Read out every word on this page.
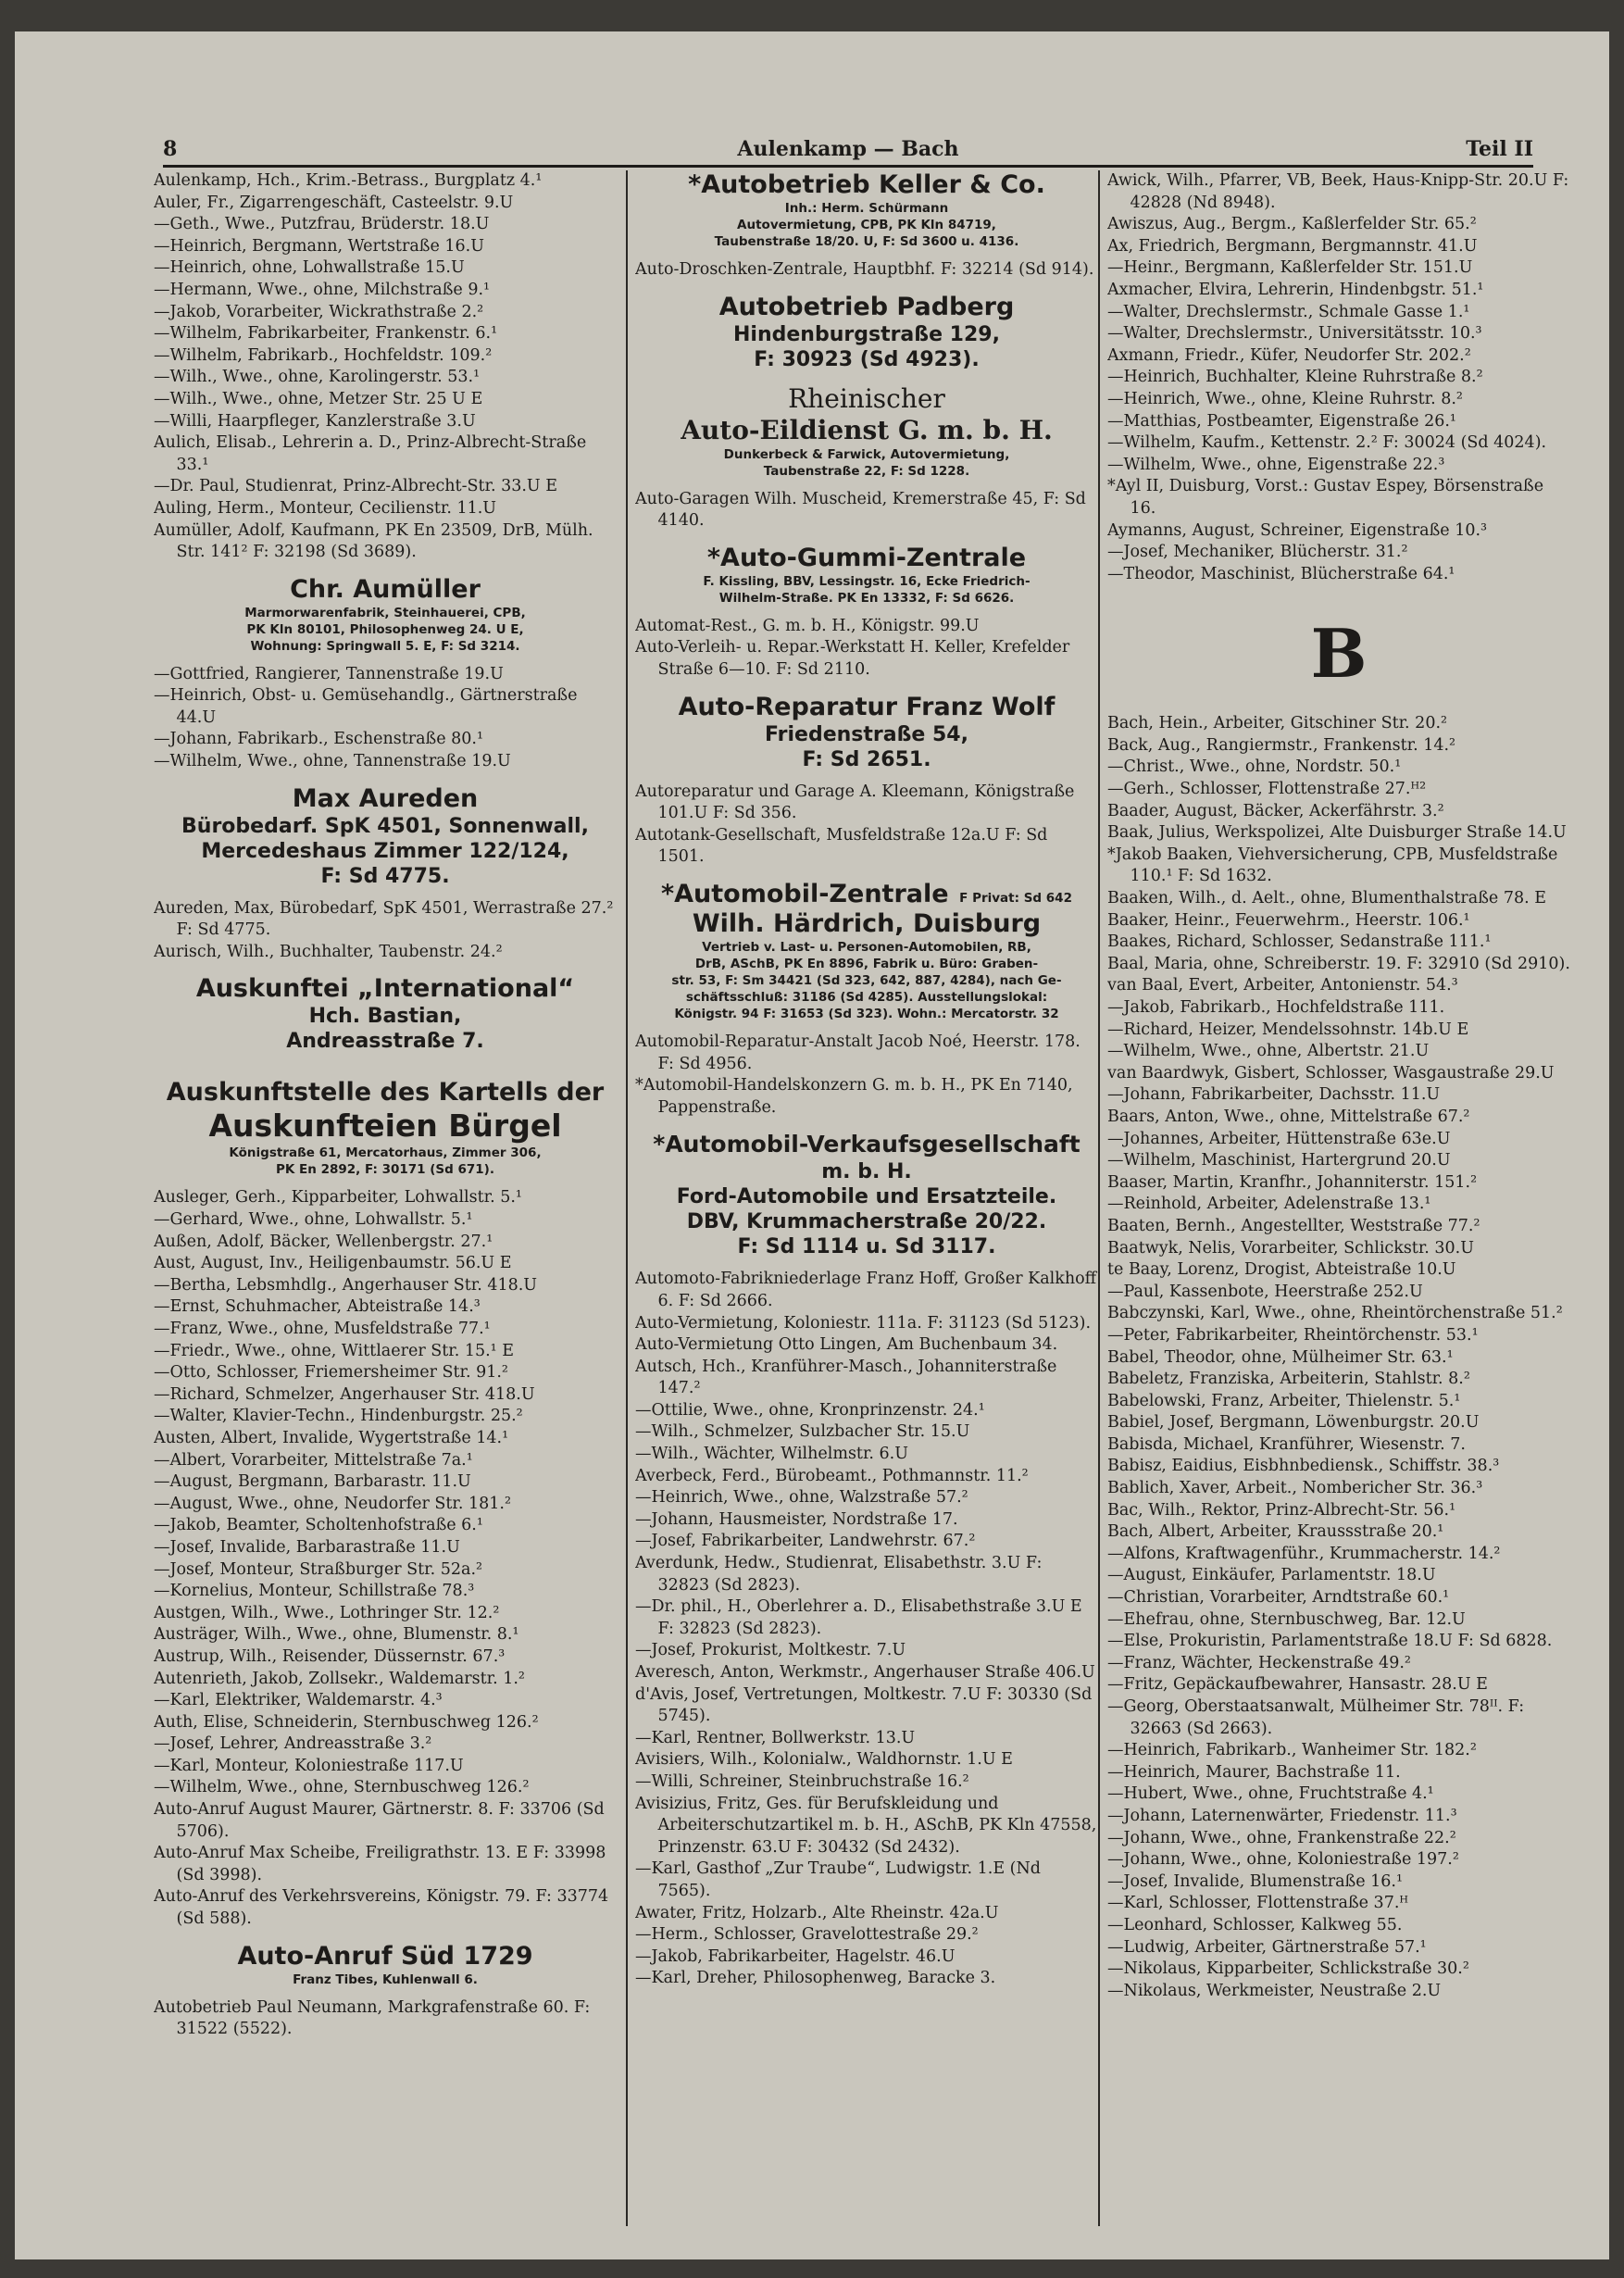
8	Aulenkamp — Bach	Teil II
Aulenkamp, Hch., Krim.-Betrass., Burgplatz 4.¹
Auler, Fr., Zigarrengeschäft, Casteelstr. 9.U
—Geth., Wwe., Putzfrau, Brüderstr. 18.U
—Heinrich, Bergmann, Wertstraße 16.U
—Heinrich, ohne, Lohwallstraße 15.U
—Hermann, Wwe., ohne, Milchstraße 9.¹
—Jakob, Vorarbeiter, Wickrathstraße 2.²
—Wilhelm, Fabrikarbeiter, Frankenstr. 6.¹
—Wilhelm, Fabrikarb., Hochfeldstr. 109.²
—Wilh., Wwe., ohne, Karolingerstr. 53.¹
—Wilh., Wwe., ohne, Metzer Str. 25 U E
—Willi, Haarpfleger, Kanzlerstraße 3.U
Aulich, Elisab., Lehrerin a. D., Prinz-Albrecht-Straße 33.¹
—Dr. Paul, Studienrat, Prinz-Albrecht-Str. 33.U E
Auling, Herm., Monteur, Cecilienstr. 11.U
Aumüller, Adolf, Kaufmann, PK En 23509, DrB, Mülh. Str. 141² F: 32198 (Sd 3689).
Chr. Aumüller
Marmorwarenfabrik, Steinhauerei, CPB,
PK Kln 80101, Philosophenweg 24. U E,
Wohnung: Springwall 5. E, F: Sd 3214.
—Gottfried, Rangierer, Tannenstraße 19.U
—Heinrich, Obst- u. Gemüsehandlg., Gärtnerstraße 44.U
—Johann, Fabrikarb., Eschenstraße 80.¹
—Wilhelm, Wwe., ohne, Tannenstraße 19.U
Max Aureden
Bürobedarf. SpK 4501, Sonnenwall,
Mercedeshaus Zimmer 122/124,
F: Sd 4775.
Aureden, Max, Bürobedarf, SpK 4501, Werrastraße 27.² F: Sd 4775.
Aurisch, Wilh., Buchhalter, Taubenstr. 24.²
Auskunftei „International“
Hch. Bastian,
Andreasstraße 7.
Auskunftstelle des Kartells der
Auskunfteien Bürgel
Königstraße 61, Mercatorhaus, Zimmer 306,
PK En 2892, F: 30171 (Sd 671).
Ausleger, Gerh., Kipparbeiter, Lohwallstr. 5.¹
—Gerhard, Wwe., ohne, Lohwallstr. 5.¹
Außen, Adolf, Bäcker, Wellenbergstr. 27.¹
Aust, August, Inv., Heiligenbaumstr. 56.U E
—Bertha, Lebsmhdlg., Angerhauser Str. 418.U
—Ernst, Schuhmacher, Abteistraße 14.³
—Franz, Wwe., ohne, Musfeldstraße 77.¹
—Friedr., Wwe., ohne, Wittlaerer Str. 15.¹ E
—Otto, Schlosser, Friemersheimer Str. 91.²
—Richard, Schmelzer, Angerhauser Str. 418.U
—Walter, Klavier-Techn., Hindenburgstr. 25.²
Austen, Albert, Invalide, Wygertstraße 14.¹
—Albert, Vorarbeiter, Mittelstraße 7a.¹
—August, Bergmann, Barbarastr. 11.U
—August, Wwe., ohne, Neudorfer Str. 181.²
—Jakob, Beamter, Scholtenhofstraße 6.¹
—Josef, Invalide, Barbarastraße 11.U
—Josef, Monteur, Straßburger Str. 52a.²
—Kornelius, Monteur, Schillstraße 78.³
Austgen, Wilh., Wwe., Lothringer Str. 12.²
Austräger, Wilh., Wwe., ohne, Blumenstr. 8.¹
Austrup, Wilh., Reisender, Düssernstr. 67.³
Autenrieth, Jakob, Zollsekr., Waldemarstr. 1.²
—Karl, Elektriker, Waldemarstr. 4.³
Auth, Elise, Schneiderin, Sternbuschweg 126.²
—Josef, Lehrer, Andreasstraße 3.²
—Karl, Monteur, Koloniestraße 117.U
—Wilhelm, Wwe., ohne, Sternbuschweg 126.²
Auto-Anruf August Maurer, Gärtnerstr. 8. F: 33706 (Sd 5706).
Auto-Anruf Max Scheibe, Freiligrathstr. 13. E F: 33998 (Sd 3998).
Auto-Anruf des Verkehrsvereins, Königstr. 79. F: 33774 (Sd 588).
Auto-Anruf Süd 1729
Franz Tibes, Kuhlenwall 6.
Autobetrieb Paul Neumann, Markgrafenstraße 60. F: 31522 (5522).
*Autobetrieb Keller & Co.
Inh.: Herm. Schürmann
Autovermietung, CPB, PK Kln 84719,
Taubenstraße 18/20. U, F: Sd 3600 u. 4136.
Auto-Droschken-Zentrale, Hauptbhf. F: 32214 (Sd 914).
Autobetrieb Padberg
Hindenburgstraße 129,
F: 30923 (Sd 4923).
Rheinischer
Auto-Eildienst G. m. b. H.
Dunkerbeck & Farwick, Autovermietung,
Taubenstraße 22, F: Sd 1228.
Auto-Garagen Wilh. Muscheid, Kremerstraße 45, F: Sd 4140.
*Auto-Gummi-Zentrale
F. Kissling, BBV, Lessingstr. 16, Ecke Friedrich-
Wilhelm-Straße. PK En 13332, F: Sd 6626.
Automat-Rest., G. m. b. H., Königstr. 99.U
Auto-Verleih- u. Repar.-Werkstatt H. Keller, Krefelder Straße 6—10. F: Sd 2110.
Auto-Reparatur Franz Wolf
Friedenstraße 54,
F: Sd 2651.
Autoreparatur und Garage A. Kleemann, Königstraße 101.U F: Sd 356.
Autotank-Gesellschaft, Musfeldstraße 12a.U F: Sd 1501.
*Automobil-Zentrale F Privat: Sd 642
Wilh. Härdrich, Duisburg
Vertrieb v. Last- u. Personen-Automobilen, RB,
DrB, ASchB, PK En 8896, Fabrik u. Büro: Graben-
str. 53, F: Sm 34421 (Sd 323, 642, 887, 4284), nach Ge-
schäftsschluß: 31186 (Sd 4285). Ausstellungslokal:
Königstr. 94 F: 31653 (Sd 323). Wohn.: Mercatorstr. 32
Automobil-Reparatur-Anstalt Jacob Noé, Heerstr. 178. F: Sd 4956.
*Automobil-Handelskonzern G. m. b. H., PK En 7140, Pappenstraße.
*Automobil-Verkaufsgesellschaft
m. b. H.
Ford-Automobile und Ersatzteile.
DBV, Krummacherstraße 20/22.
F: Sd 1114 u. Sd 3117.
Automoto-Fabrikniederlage Franz Hoff, Großer Kalkhoff 6. F: Sd 2666.
Auto-Vermietung, Koloniestr. 111a. F: 31123 (Sd 5123).
Auto-Vermietung Otto Lingen, Am Buchenbaum 34.
Autsch, Hch., Kranführer-Masch., Johanniterstraße 147.²
—Ottilie, Wwe., ohne, Kronprinzenstr. 24.¹
—Wilh., Schmelzer, Sulzbacher Str. 15.U
—Wilh., Wächter, Wilhelmstr. 6.U
Averbeck, Ferd., Bürobeamt., Pothmannstr. 11.²
—Heinrich, Wwe., ohne, Walzstraße 57.²
—Johann, Hausmeister, Nordstraße 17.
—Josef, Fabrikarbeiter, Landwehrstr. 67.²
Averdunk, Hedw., Studienrat, Elisabethstr. 3.U F: 32823 (Sd 2823).
—Dr. phil., H., Oberlehrer a. D., Elisabethstraße 3.U E F: 32823 (Sd 2823).
—Josef, Prokurist, Moltkestr. 7.U
Averesch, Anton, Werkmstr., Angerhauser Straße 406.U
d'Avis, Josef, Vertretungen, Moltkestr. 7.U F: 30330 (Sd 5745).
—Karl, Rentner, Bollwerkstr. 13.U
Avisiers, Wilh., Kolonialw., Waldhornstr. 1.U E
—Willi, Schreiner, Steinbruchstraße 16.²
Avisizius, Fritz, Ges. für Berufskleidung und Arbeiterschutzartikel m. b. H., ASchB, PK Kln 47558, Prinzenstr. 63.U F: 30432 (Sd 2432).
—Karl, Gasthof „Zur Traube“, Ludwigstr. 1.E (Nd 7565).
Awater, Fritz, Holzarb., Alte Rheinstr. 42a.U
—Herm., Schlosser, Gravelottestraße 29.²
—Jakob, Fabrikarbeiter, Hagelstr. 46.U
—Karl, Dreher, Philosophenweg, Baracke 3.
Awick, Wilh., Pfarrer, VB, Beek, Haus-Knipp-Str. 20.U F: 42828 (Nd 8948).
Awiszus, Aug., Bergm., Kaßlerfelder Str. 65.²
Ax, Friedrich, Bergmann, Bergmannstr. 41.U
—Heinr., Bergmann, Kaßlerfelder Str. 151.U
Axmacher, Elvira, Lehrerin, Hindenbgstr. 51.¹
—Walter, Drechslermstr., Schmale Gasse 1.¹
—Walter, Drechslermstr., Universitätsstr. 10.³
Axmann, Friedr., Küfer, Neudorfer Str. 202.²
—Heinrich, Buchhalter, Kleine Ruhrstraße 8.²
—Heinrich, Wwe., ohne, Kleine Ruhrstr. 8.²
—Matthias, Postbeamter, Eigenstraße 26.¹
—Wilhelm, Kaufm., Kettenstr. 2.² F: 30024 (Sd 4024).
—Wilhelm, Wwe., ohne, Eigenstraße 22.³
*Ayl II, Duisburg, Vorst.: Gustav Espey, Börsenstraße 16.
Aymanns, August, Schreiner, Eigenstraße 10.³
—Josef, Mechaniker, Blücherstr. 31.²
—Theodor, Maschinist, Blücherstraße 64.¹
B
Bach, Hein., Arbeiter, Gitschiner Str. 20.²
Back, Aug., Rangiermstr., Frankenstr. 14.²
—Christ., Wwe., ohne, Nordstr. 50.¹
—Gerh., Schlosser, Flottenstraße 27.ᴴ²
Baader, August, Bäcker, Ackerfährstr. 3.²
Baak, Julius, Werkspolizei, Alte Duisburger Straße 14.U
*Jakob Baaken, Viehversicherung, CPB, Musfeldstraße 110.¹ F: Sd 1632.
Baaken, Wilh., d. Aelt., ohne, Blumenthalstraße 78. E
Baaker, Heinr., Feuerwehrm., Heerstr. 106.¹
Baakes, Richard, Schlosser, Sedanstraße 111.¹
Baal, Maria, ohne, Schreiberstr. 19. F: 32910 (Sd 2910).
van Baal, Evert, Arbeiter, Antonienstr. 54.³
—Jakob, Fabrikarb., Hochfeldstraße 111.
—Richard, Heizer, Mendelssohnstr. 14b.U E
—Wilhelm, Wwe., ohne, Albertstr. 21.U
van Baardwyk, Gisbert, Schlosser, Wasgaustraße 29.U
—Johann, Fabrikarbeiter, Dachsstr. 11.U
Baars, Anton, Wwe., ohne, Mittelstraße 67.²
—Johannes, Arbeiter, Hüttenstraße 63e.U
—Wilhelm, Maschinist, Hartergrund 20.U
Baaser, Martin, Kranfhr., Johanniterstr. 151.²
—Reinhold, Arbeiter, Adelenstraße 13.¹
Baaten, Bernh., Angestellter, Weststraße 77.²
Baatwyk, Nelis, Vorarbeiter, Schlickstr. 30.U
te Baay, Lorenz, Drogist, Abteistraße 10.U
—Paul, Kassenbote, Heerstraße 252.U
Babczynski, Karl, Wwe., ohne, Rheintörchenstraße 51.²
—Peter, Fabrikarbeiter, Rheintörchenstr. 53.¹
Babel, Theodor, ohne, Mülheimer Str. 63.¹
Babeletz, Franziska, Arbeiterin, Stahlstr. 8.²
Babelowski, Franz, Arbeiter, Thielenstr. 5.¹
Babiel, Josef, Bergmann, Löwenburgstr. 20.U
Babisda, Michael, Kranführer, Wiesenstr. 7.
Babisz, Eaidius, Eisbhnbediensk., Schiffstr. 38.³
Bablich, Xaver, Arbeit., Nombericher Str. 36.³
Bac, Wilh., Rektor, Prinz-Albrecht-Str. 56.¹
Bach, Albert, Arbeiter, Kraussstraße 20.¹
—Alfons, Kraftwagenführ., Krummacherstr. 14.²
—August, Einkäufer, Parlamentstr. 18.U
—Christian, Vorarbeiter, Arndtstraße 60.¹
—Ehefrau, ohne, Sternbuschweg, Bar. 12.U
—Else, Prokuristin, Parlamentstraße 18.U F: Sd 6828.
—Franz, Wächter, Heckenstraße 49.²
—Fritz, Gepäckaufbewahrer, Hansastr. 28.U E
—Georg, Oberstaatsanwalt, Mülheimer Str. 78ᴵᴵ. F: 32663 (Sd 2663).
—Heinrich, Fabrikarb., Wanheimer Str. 182.²
—Heinrich, Maurer, Bachstraße 11.
—Hubert, Wwe., ohne, Fruchtstraße 4.¹
—Johann, Laternenwärter, Friedenstr. 11.³
—Johann, Wwe., ohne, Frankenstraße 22.²
—Johann, Wwe., ohne, Koloniestraße 197.²
—Josef, Invalide, Blumenstraße 16.¹
—Karl, Schlosser, Flottenstraße 37.ᴴ
—Leonhard, Schlosser, Kalkweg 55.
—Ludwig, Arbeiter, Gärtnerstraße 57.¹
—Nikolaus, Kipparbeiter, Schlickstraße 30.²
—Nikolaus, Werkmeister, Neustraße 2.U
